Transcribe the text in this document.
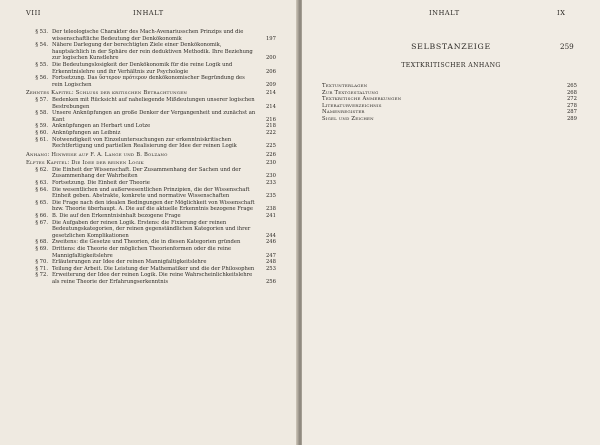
VIII	INHALT
§ 53. Der teleologische Charakter des Mach-Avenariusschen Prinzips und die wissenschaftliche Bedeutung der Denkökonomik	197
§ 54. Nähere Darlegung der berechtigten Ziele einer Denkökonomik, hauptsächlich in der Sphäre der rein deduktiven Methodik. Ihre Beziehung zur logischen Kunstlehre	200
§ 55. Die Bedeutungslosigkeit der Denkökonomik für die reine Logik und Erkenntnislehre und ihr Verhältnis zur Psychologie	206
§ 56. Fortsetzung. Das ὕστερον πρότερον denkökonomischer Begründung des rein Logischen	209
Zehntes Kapitel: Schluss der kritischen Betrachtungen	214
§ 57. Bedenken mit Rücksicht auf naheliegende Mißdeutungen unserer logischen Bestrebungen	214
§ 58. Unsere Anknüpfungen an große Denker der Vergangenheit und zunächst an Kant	216
§ 59. Anknüpfungen an Herbart und Lotze	218
§ 60. Anknüpfungen an Leibniz	222
§ 61. Notwendigkeit von Einzeluntersuchungen zur erkenntniskritischen Rechtfertigung und partiellen Realisierung der Idee der reinen Logik	225
Anhang: Hinweise auf F. A. Lange und B. Bolzano	226
Elftes Kapitel: Die Idee der reinen Logik	230
§ 62. Die Einheit der Wissenschaft. Der Zusammenhang der Sachen und der Zusammenhang der Wahrheiten	230
§ 63. Fortsetzung. Die Einheit der Theorie	233
§ 64. Die wesentlichen und außerwesentlichen Prinzipien, die der Wissenschaft Einheit geben. Abstrakte, konkrete und normative Wissenschaften	235
§ 65. Die Frage nach den idealen Bedingungen der Möglichkeit von Wissenschaft bzw. Theorie überhaupt. A. Die auf die aktuelle Erkenntnis bezogene Frage	238
§ 66. B. Die auf den Erkenntnisinhalt bezogene Frage	241
§ 67. Die Aufgaben der reinen Logik. Erstens: die Fixierung der reinen Bedeutungskategorien, der reinen gegenständlichen Kategorien und ihrer gesetzlichen Komplikationen	244
§ 68. Zweitens: die Gesetze und Theorien, die in diesen Kategorien gründen	246
§ 69. Drittens: die Theorie der möglichen Theorienformen oder die reine Mannigfaltigkeitslehre	247
§ 70. Erläuterungen zur Idee der reinen Mannigfaltigkeitslehre	248
§ 71. Teilung der Arbeit. Die Leistung der Mathematiker und die der Philosophen	253
§ 72. Erweiterung der Idee der reinen Logik. Die reine Wahrscheinlichkeitslehre als reine Theorie der Erfahrungserkenntnis	256
INHALT	IX
SELBSTANZEIGE	259
TEXTKRITISCHER ANHANG
Textunterlagen	265
Zur Textgestaltung	268
Textkritische Anmerkungen	272
Literaturverzeichnis	278
Namenregister	287
Sigel und Zeichen	289
